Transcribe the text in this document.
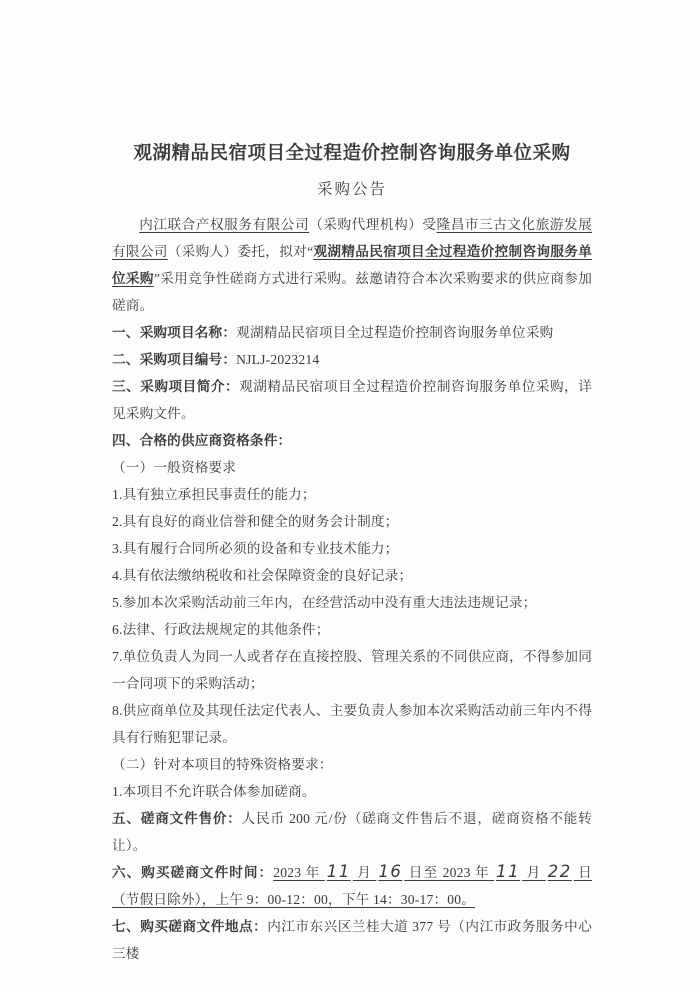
观湖精品民宿项目全过程造价控制咨询服务单位采购
采购公告

内江联合产权服务有限公司（采购代理机构）受隆昌市三古文化旅游发展有限公司（采购人）委托，拟对“观湖精品民宿项目全过程造价控制咨询服务单位采购”采用竞争性磋商方式进行采购。兹邀请符合本次采购要求的供应商参加磋商。

一、采购项目名称：观湖精品民宿项目全过程造价控制咨询服务单位采购

二、采购项目编号：NJLJ-2023214

三、采购项目简介：观湖精品民宿项目全过程造价控制咨询服务单位采购，详见采购文件。

四、合格的供应商资格条件：

（一）一般资格要求

1.具有独立承担民事责任的能力；

2.具有良好的商业信誉和健全的财务会计制度；

3.具有履行合同所必须的设备和专业技术能力；

4.具有依法缴纳税收和社会保障资金的良好记录；

5.参加本次采购活动前三年内，在经营活动中没有重大违法违规记录；

6.法律、行政法规规定的其他条件；

7.单位负责人为同一人或者存在直接控股、管理关系的不同供应商，不得参加同一合同项下的采购活动；

8.供应商单位及其现任法定代表人、主要负责人参加本次采购活动前三年内不得具有行贿犯罪记录。

（二）针对本项目的特殊资格要求：

1.本项目不允许联合体参加磋商。

五、磋商文件售价：人民币 200 元/份（磋商文件售后不退，磋商资格不能转让）。

六、购买磋商文件时间：2023 年 11 月 16 日至 2023 年 11 月 22 日（节假日除外），上午 9：00-12：00，下午 14：30-17：00。

七、购买磋商文件地点：内江市东兴区兰桂大道 377 号（内江市政务服务中心三楼
